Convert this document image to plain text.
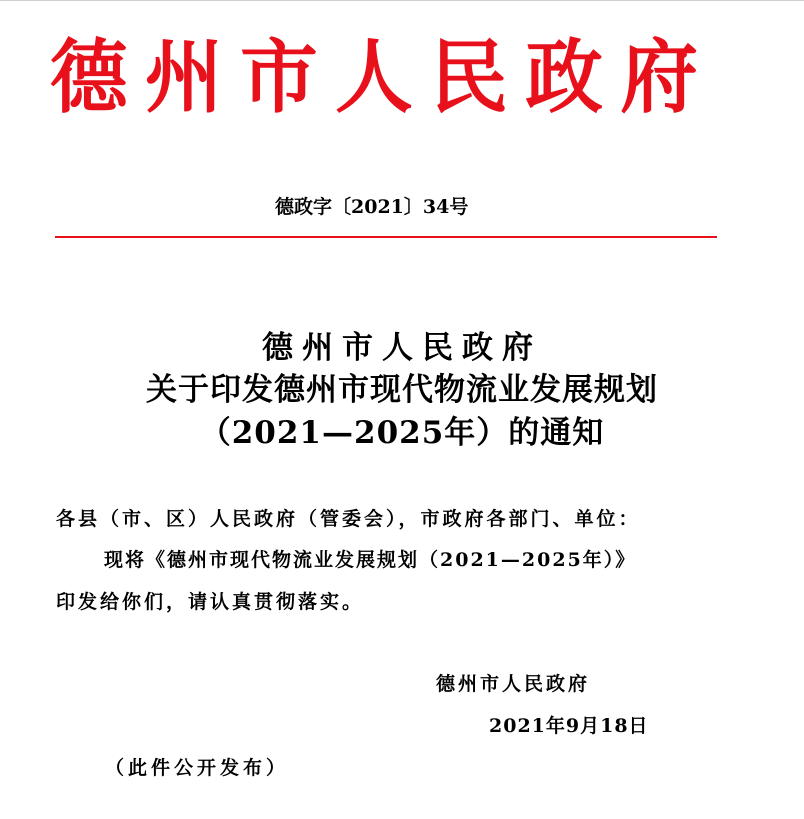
德州市人民政府
德政字〔2021〕34号
德州市人民政府
关于印发德州市现代物流业发展规划
（2021—2025年）的通知
各县（市、区）人民政府（管委会），市政府各部门、单位：
现将《德州市现代物流业发展规划（2021—2025年）》
印发给你们，请认真贯彻落实。
德州市人民政府
2021年9月18日
（此件公开发布）
